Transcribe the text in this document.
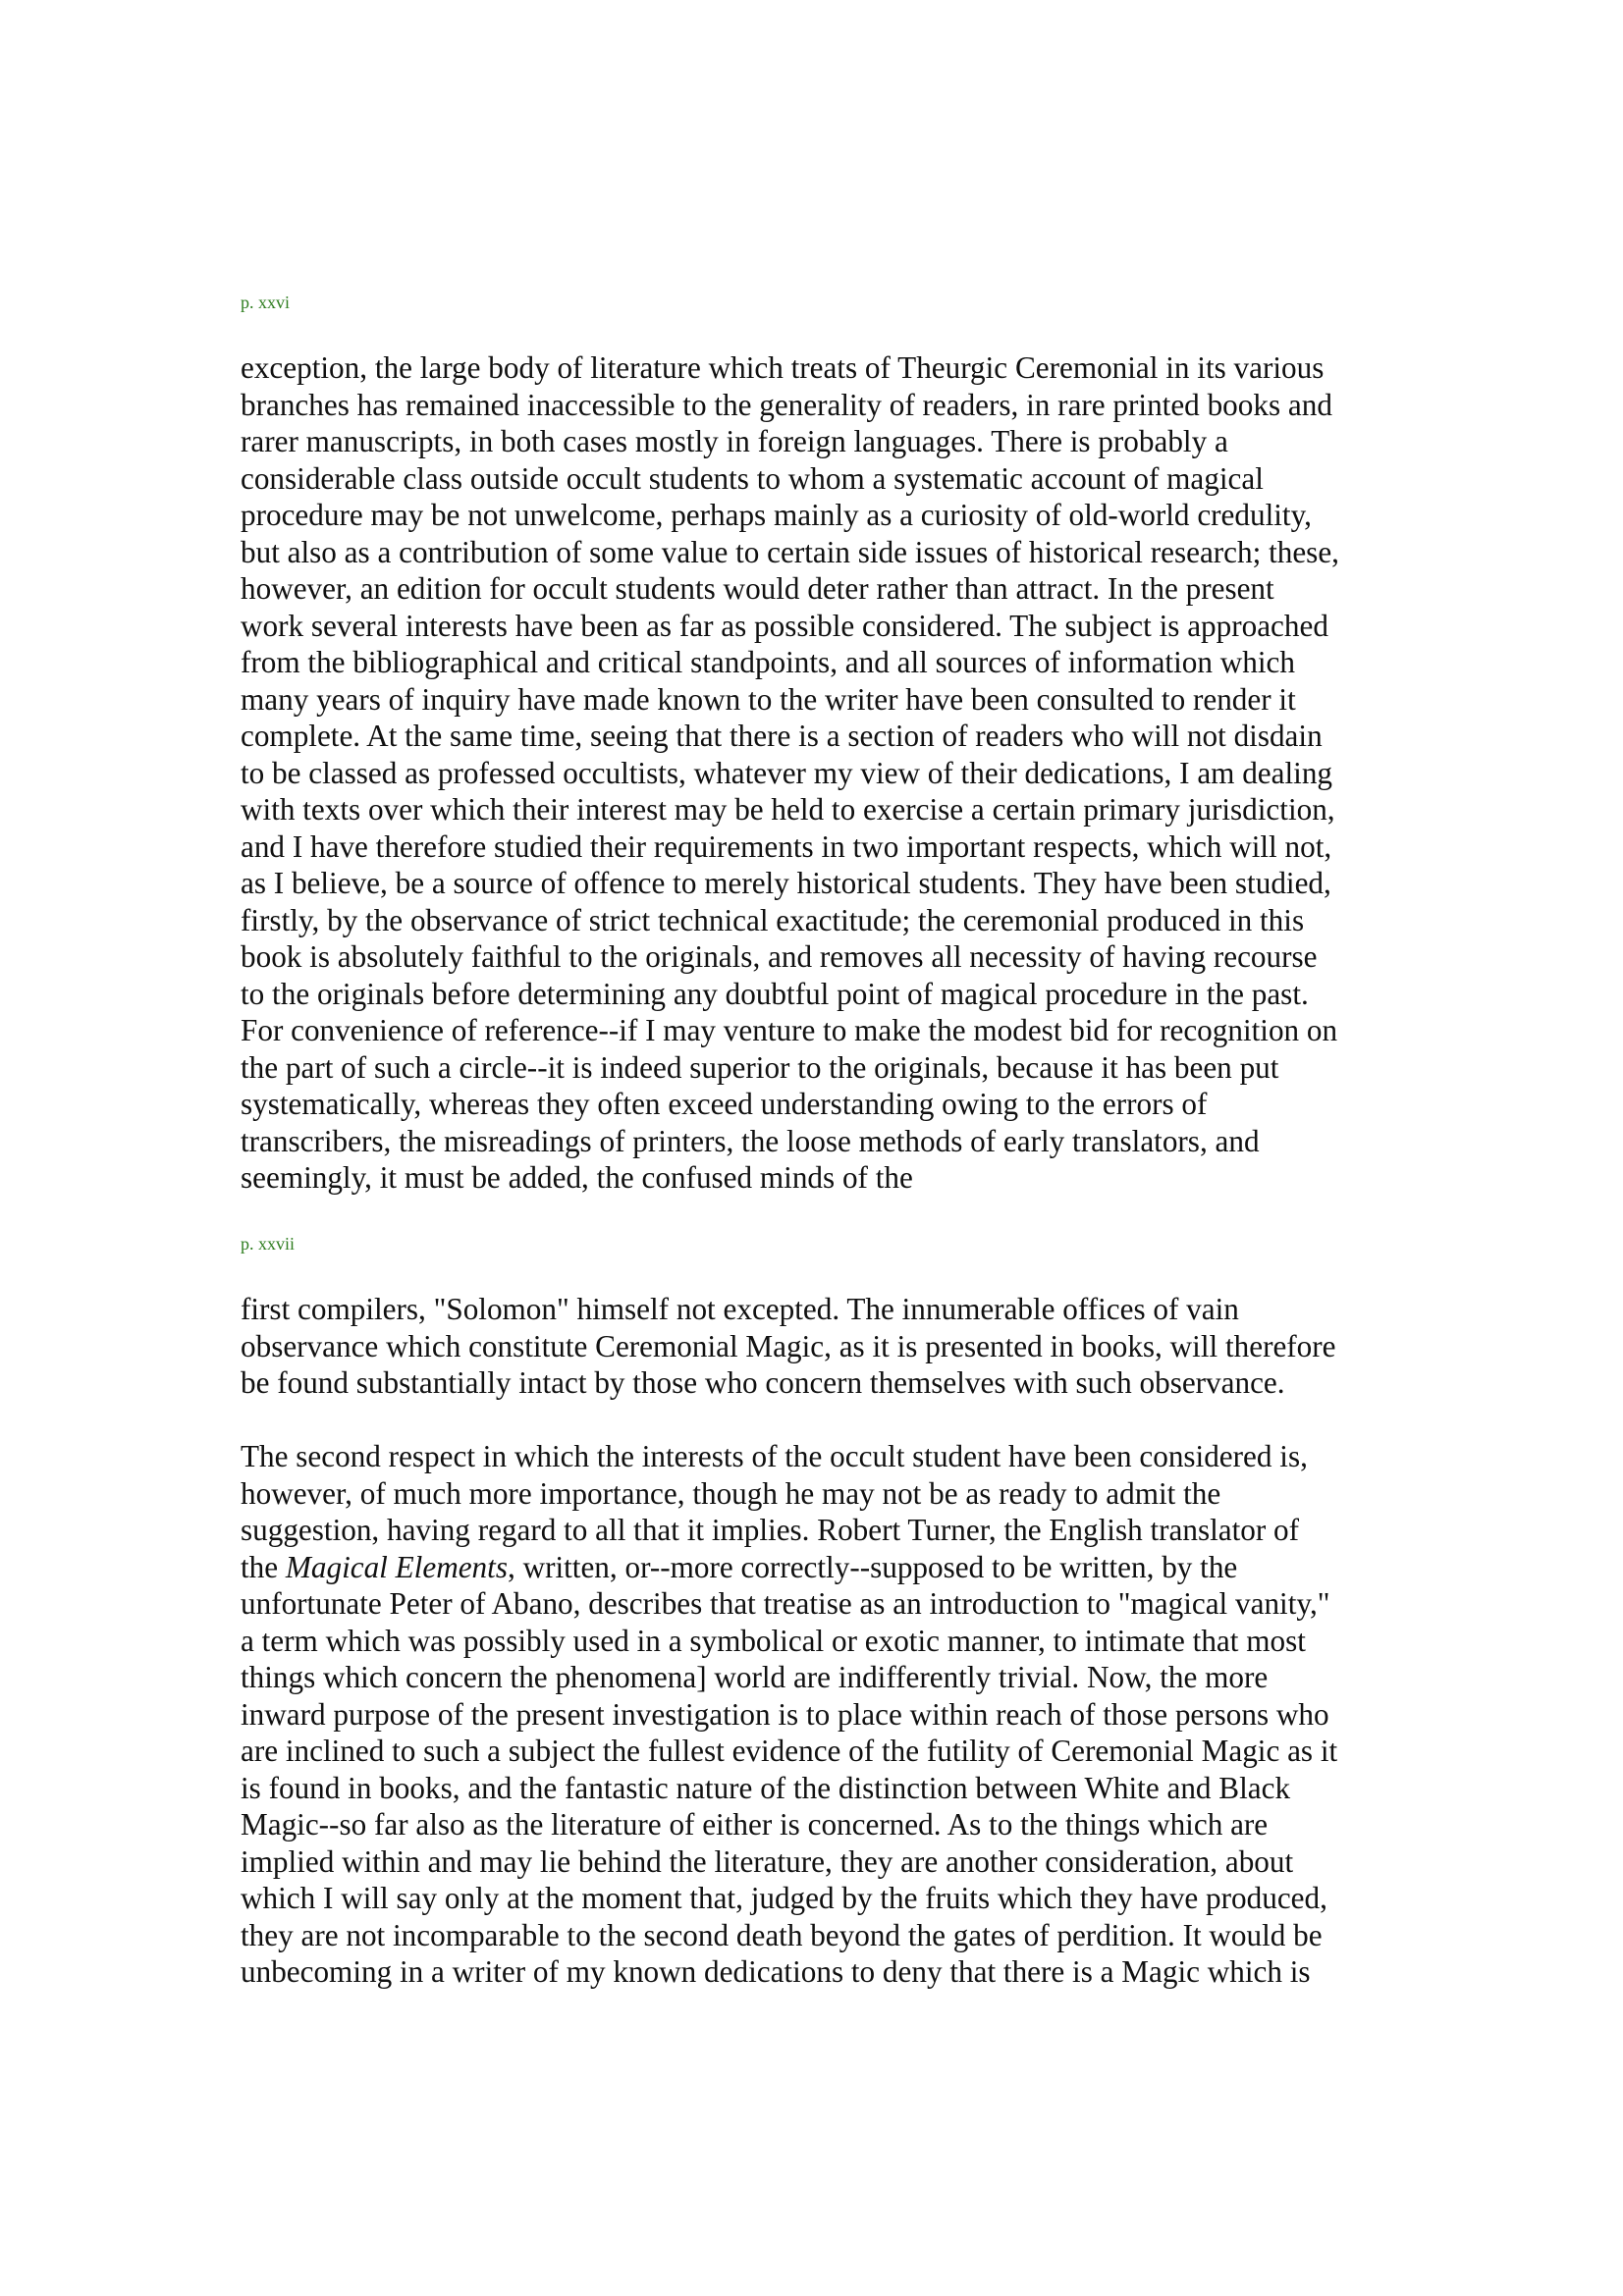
p. xxvi
exception, the large body of literature which treats of Theurgic Ceremonial in its various
branches has remained inaccessible to the generality of readers, in rare printed books and
rarer manuscripts, in both cases mostly in foreign languages. There is probably a
considerable class outside occult students to whom a systematic account of magical
procedure may be not unwelcome, perhaps mainly as a curiosity of old-world credulity,
but also as a contribution of some value to certain side issues of historical research; these,
however, an edition for occult students would deter rather than attract. In the present
work several interests have been as far as possible considered. The subject is approached
from the bibliographical and critical standpoints, and all sources of information which
many years of inquiry have made known to the writer have been consulted to render it
complete. At the same time, seeing that there is a section of readers who will not disdain
to be classed as professed occultists, whatever my view of their dedications, I am dealing
with texts over which their interest may be held to exercise a certain primary jurisdiction,
and I have therefore studied their requirements in two important respects, which will not,
as I believe, be a source of offence to merely historical students. They have been studied,
firstly, by the observance of strict technical exactitude; the ceremonial produced in this
book is absolutely faithful to the originals, and removes all necessity of having recourse
to the originals before determining any doubtful point of magical procedure in the past.
For convenience of reference--if I may venture to make the modest bid for recognition on
the part of such a circle--it is indeed superior to the originals, because it has been put
systematically, whereas they often exceed understanding owing to the errors of
transcribers, the misreadings of printers, the loose methods of early translators, and
seemingly, it must be added, the confused minds of the
p. xxvii
first compilers, "Solomon" himself not excepted. The innumerable offices of vain
observance which constitute Ceremonial Magic, as it is presented in books, will therefore
be found substantially intact by those who concern themselves with such observance.
The second respect in which the interests of the occult student have been considered is,
however, of much more importance, though he may not be as ready to admit the
suggestion, having regard to all that it implies. Robert Turner, the English translator of
the Magical Elements, written, or--more correctly--supposed to be written, by the
unfortunate Peter of Abano, describes that treatise as an introduction to "magical vanity,"
a term which was possibly used in a symbolical or exotic manner, to intimate that most
things which concern the phenomena] world are indifferently trivial. Now, the more
inward purpose of the present investigation is to place within reach of those persons who
are inclined to such a subject the fullest evidence of the futility of Ceremonial Magic as it
is found in books, and the fantastic nature of the distinction between White and Black
Magic--so far also as the literature of either is concerned. As to the things which are
implied within and may lie behind the literature, they are another consideration, about
which I will say only at the moment that, judged by the fruits which they have produced,
they are not incomparable to the second death beyond the gates of perdition. It would be
unbecoming in a writer of my known dedications to deny that there is a Magic which is
